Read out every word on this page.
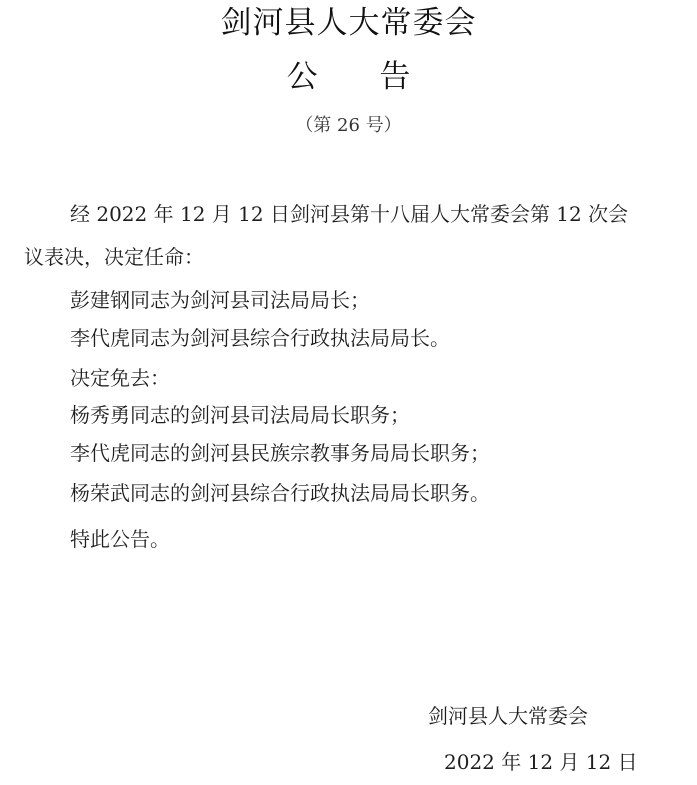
剑河县人大常委会
公 告
（第 26 号）
经 2022 年 12 月 12 日剑河县第十八届人大常委会第 12 次会
议表决，决定任命：
彭建钢同志为剑河县司法局局长；
李代虎同志为剑河县综合行政执法局局长。
决定免去：
杨秀勇同志的剑河县司法局局长职务；
李代虎同志的剑河县民族宗教事务局局长职务；
杨荣武同志的剑河县综合行政执法局局长职务。
特此公告。
剑河县人大常委会
2022 年 12 月 12 日
